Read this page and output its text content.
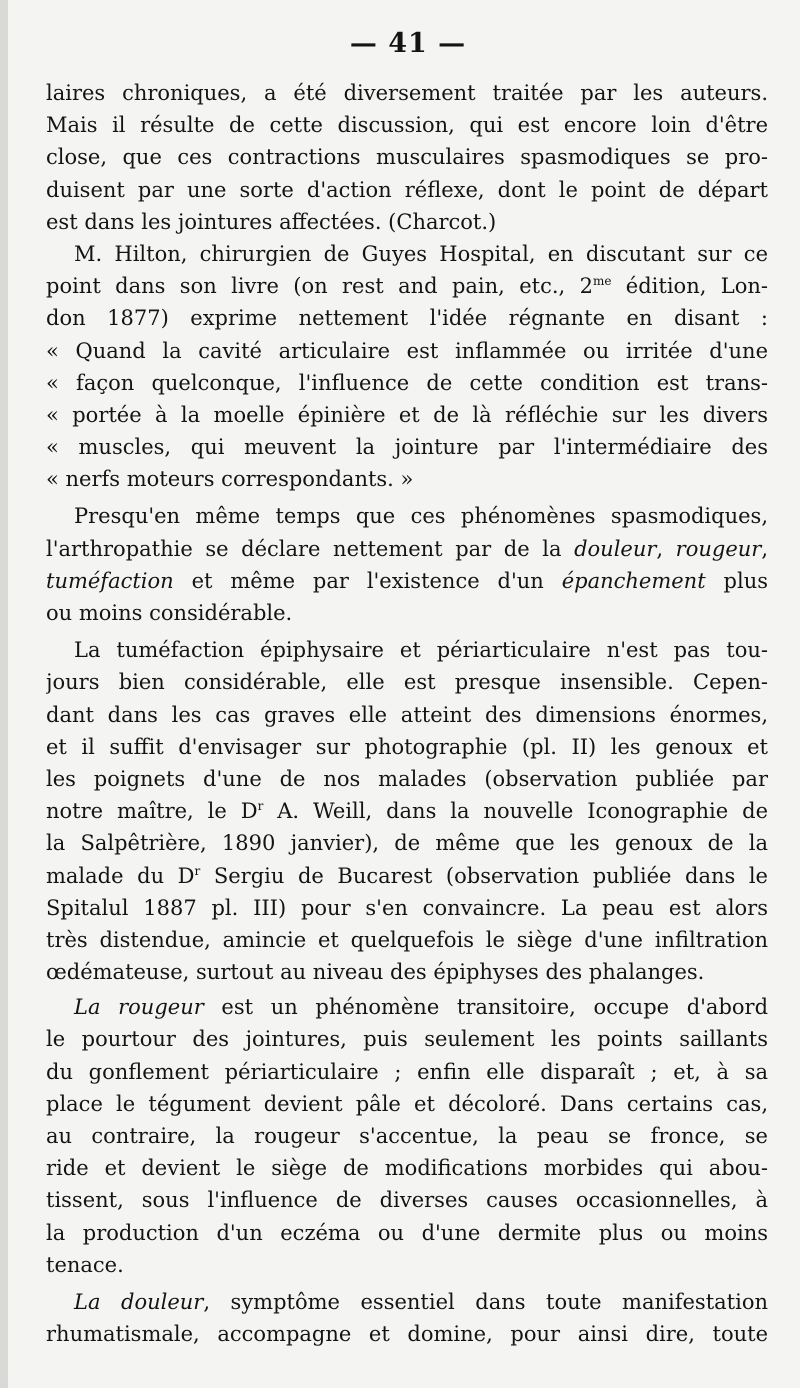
— 41 —
laires chroniques, a été diversement traitée par les auteurs.
Mais il résulte de cette discussion, qui est encore loin d'être
close, que ces contractions musculaires spasmodiques se pro-
duisent par une sorte d'action réflexe, dont le point de départ
est dans les jointures affectées. (Charcot.)
M. Hilton, chirurgien de Guyes Hospital, en discutant sur ce
point dans son livre (on rest and pain, etc., $2^{me}$ édition, Lon-
don 1877) exprime nettement l'idée régnante en disant :
« Quand la cavité articulaire est inflammée ou irritée d'une
« façon quelconque, l'influence de cette condition est trans-
« portée à la moelle épinière et de là réfléchie sur les divers
« muscles, qui meuvent la jointure par l'intermédiaire des
« nerfs moteurs correspondants. »
Presqu'en même temps que ces phénomènes spasmodiques,
l'arthropathie se déclare nettement par de la douleur, rougeur,
tuméfaction et même par l'existence d'un épanchement plus
ou moins considérable.
La tuméfaction épiphysaire et périarticulaire n'est pas tou-
jours bien considérable, elle est presque insensible. Cepen-
dant dans les cas graves elle atteint des dimensions énormes,
et il suffit d'envisager sur photographie (pl. II) les genoux et
les poignets d'une de nos malades (observation publiée par
notre maître, le $D^r$ A. Weill, dans la nouvelle Iconographie de
la Salpêtrière, 1890 janvier), de même que les genoux de la
malade du $D^r$ Sergiu de Bucarest (observation publiée dans le
Spitalul 1887 pl. III) pour s'en convaincre. La peau est alors
très distendue, amincie et quelquefois le siège d'une infiltration
œdémateuse, surtout au niveau des épiphyses des phalanges.
La rougeur est un phénomène transitoire, occupe d'abord
le pourtour des jointures, puis seulement les points saillants
du gonflement périarticulaire ; enfin elle disparaît ; et, à sa
place le tégument devient pâle et décoloré. Dans certains cas,
au contraire, la rougeur s'accentue, la peau se fronce, se
ride et devient le siège de modifications morbides qui abou-
tissent, sous l'influence de diverses causes occasionnelles, à
la production d'un eczéma ou d'une dermite plus ou moins
tenace.
La douleur, symptôme essentiel dans toute manifestation
rhumatismale, accompagne et domine, pour ainsi dire, toute
